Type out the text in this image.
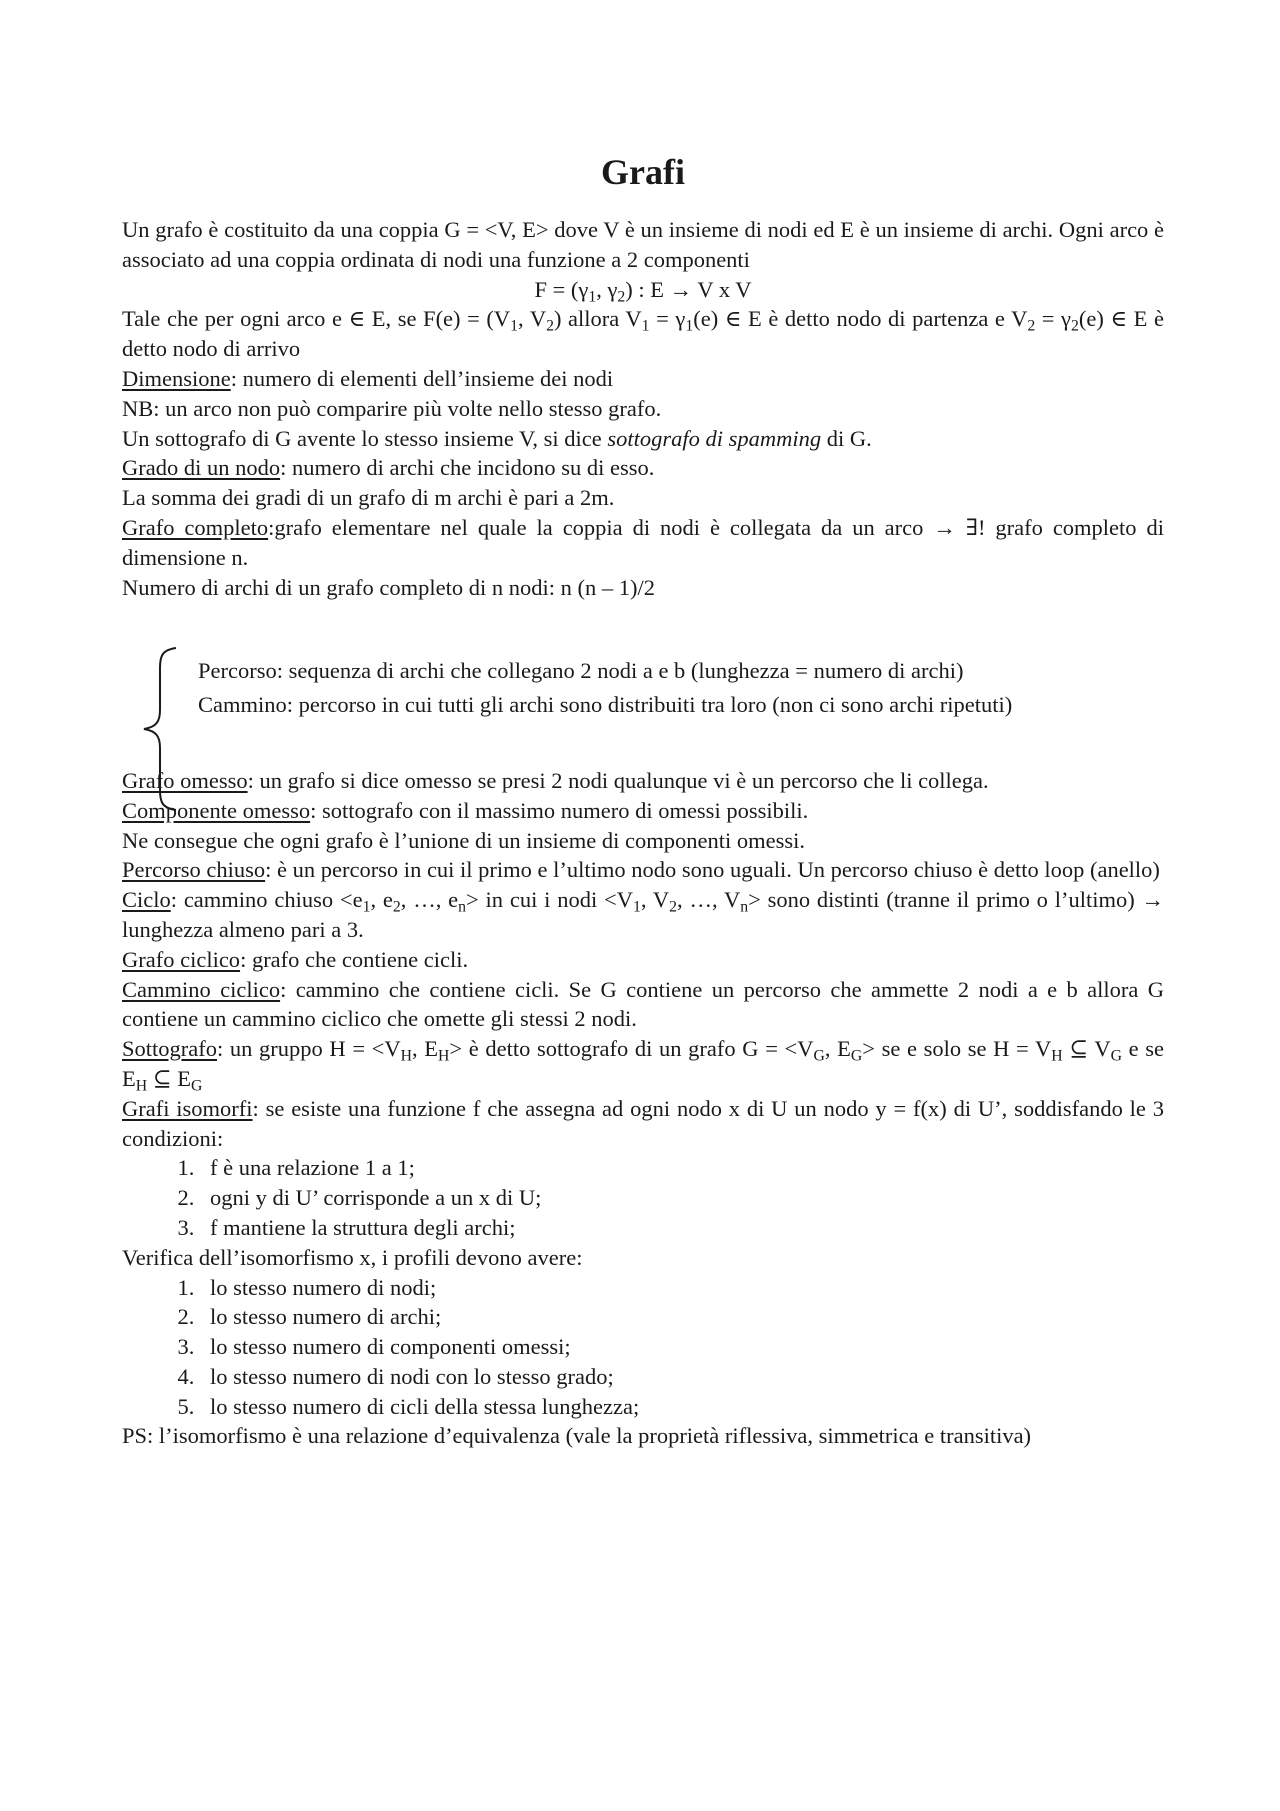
Grafi

Un grafo è costituito da una coppia G = <V, E> dove V è un insieme di nodi ed E è un insieme di archi. Ogni arco è associato ad una coppia ordinata di nodi una funzione a 2 componenti

$F = (\gamma_1$, $\gamma_2$) : E → V x V

Tale che per ogni arco e ∈ E, se $F(e) = (V_1$, $V_2$) allora $V_1 = \gamma_1(e)$ ∈ E è detto nodo di partenza e $V_2 = \gamma_2(e)$ ∈ E è detto nodo di arrivo

Dimensione: numero di elementi dell’insieme dei nodi

NB: un arco non può comparire più volte nello stesso grafo.

Un sottografo di G avente lo stesso insieme V, si dice sottografo di spamming di G.

Grado di un nodo: numero di archi che incidono su di esso.

La somma dei gradi di un grafo di m archi è pari a 2m.

Grafo completo:grafo elementare nel quale la coppia di nodi è collegata da un arco → ∃! grafo completo di dimensione n.

Numero di archi di un grafo completo di n nodi: n (n – 1)/2

Percorso: sequenza di archi che collegano 2 nodi a e b (lunghezza = numero di archi)

Cammino: percorso in cui tutti gli archi sono distribuiti tra loro (non ci sono archi ripetuti)

Grafo omesso: un grafo si dice omesso se presi 2 nodi qualunque vi è un percorso che li collega.

Componente omesso: sottografo con il massimo numero di omessi possibili.

Ne consegue che ogni grafo è l’unione di un insieme di componenti omessi.

Percorso chiuso: è un percorso in cui il primo e l’ultimo nodo sono uguali. Un percorso chiuso è detto loop (anello)

Ciclo: cammino chiuso $<e_1$, $e_2$, …, $e_n>$ in cui i nodi $<V_1$, $V_2$, …, $V_n>$ sono distinti (tranne il primo o l’ultimo) → lunghezza almeno pari a 3.

Grafo ciclico: grafo che contiene cicli.

Cammino ciclico: cammino che contiene cicli. Se G contiene un percorso che ammette 2 nodi a e b allora G contiene un cammino ciclico che omette gli stessi 2 nodi.

Sottografo: un gruppo $H = <V_H$, $E_H>$ è detto sottografo di un grafo $G = <V_G$, $E_G>$ se e solo se $H = V_H$ ⊆ $V_G$ e se $E_H$ ⊆ $E_G$

Grafi isomorfi: se esiste una funzione f che assegna ad ogni nodo x di U un nodo y = f(x) di U’, soddisfando le 3 condizioni:

1. f è una relazione 1 a 1;
2. ogni y di U’ corrisponde a un x di U;
3. f mantiene la struttura degli archi;

Verifica dell’isomorfismo x, i profili devono avere:

1. lo stesso numero di nodi;
2. lo stesso numero di archi;
3. lo stesso numero di componenti omessi;
4. lo stesso numero di nodi con lo stesso grado;
5. lo stesso numero di cicli della stessa lunghezza;

PS: l’isomorfismo è una relazione d’equivalenza (vale la proprietà riflessiva, simmetrica e transitiva)
